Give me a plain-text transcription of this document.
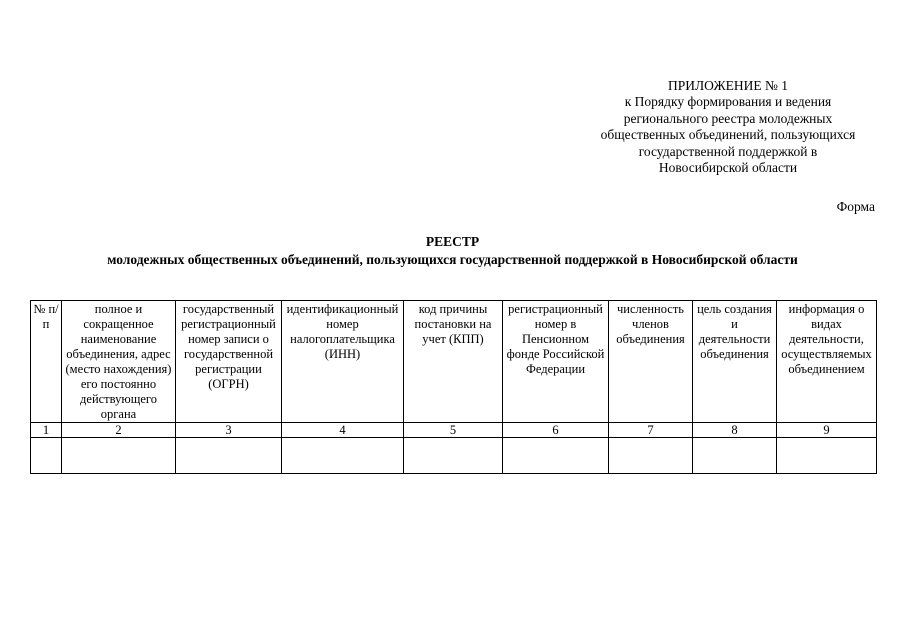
ПРИЛОЖЕНИЕ № 1
к Порядку формирования и ведения
регионального реестра молодежных
общественных объединений, пользующихся
государственной поддержкой в
Новосибирской области
Форма
РЕЕСТР
молодежных общественных объединений, пользующихся государственной поддержкой в Новосибирской области
№ п/п	полное и сокращенное наименование объединения, адрес (место нахождения) его постоянно действующего органа	государственный регистрационный номер записи о государственной регистрации (ОГРН)	идентификационный номер налогоплательщика (ИНН)	код причины постановки на учет (КПП)	регистрационный номер в Пенсионном фонде Российской Федерации	численность членов объединения	цель создания и деятельности объединения	информация о видах деятельности, осуществляемых объединением
1	2	3	4	5	6	7	8	9
